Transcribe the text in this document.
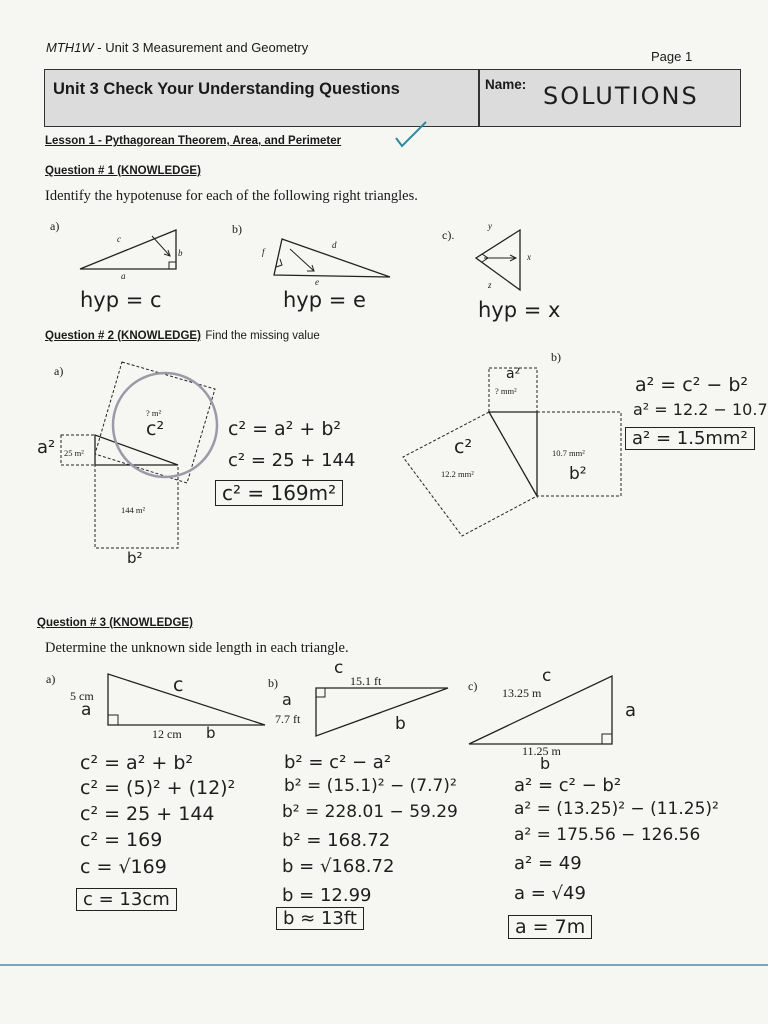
MTH1W - Unit 3 Measurement and Geometry
Page 1
Unit 3 Check Your Understanding Questions	Name: SOLUTIONS
Lesson 1 - Pythagorean Theorem, Area, and Perimeter
Question # 1 (KNOWLEDGE)
Identify the hypotenuse for each of the following right triangles.
a)
c
a
b
hyp = c
b)
f
d
e
hyp = e
c).
y
x
z
hyp = x
Question # 2 (KNOWLEDGE) Find the missing value
a)
? m²
25 m²
144 m²
c²
a²
b²
c² = a² + b²
c² = 25 + 144
c² = 169m²
b)
? mm²
12.2 mm²
10.7 mm²
a²
c²
b²
a² = c² − b²
a² = 12.2 − 10.7
a² = 1.5mm²
Question # 3 (KNOWLEDGE)
Determine the unknown side length in each triangle.
a)
5 cm
12 cm
a
c
b
c² = a² + b²
c² = (5)² + (12)²
c² = 25 + 144
c² = 169
c = √169
c = 13cm
b)	15.1 ft
7.7 ft
c
a
b
b² = c² − a²
b² = (15.1)² − (7.7)²
b² = 228.01 − 59.29
b² = 168.72
b = √168.72
b = 12.99
b ≈ 13ft
c) 13.25 m
11.25 m
c
a
b
a² = c² − b²
a² = (13.25)² − (11.25)²
a² = 175.56 − 126.56
a² = 49
a = √49
a = 7m
